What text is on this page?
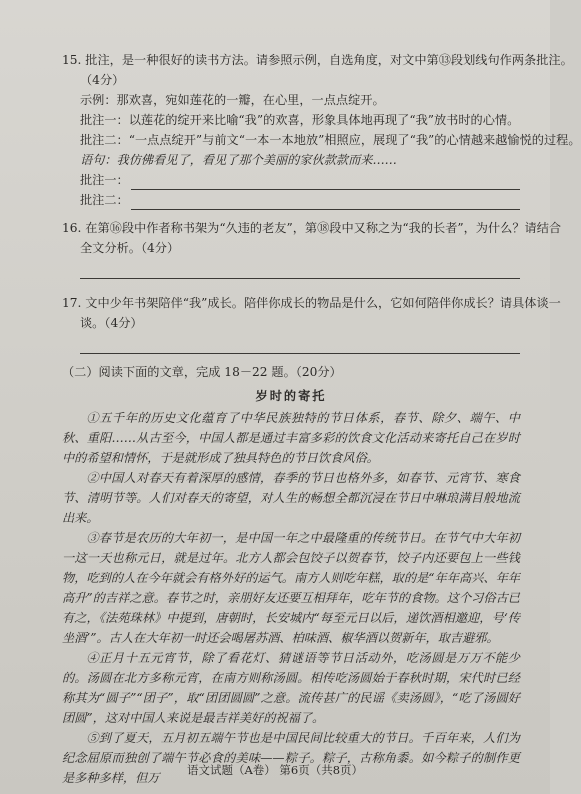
15. 批注，是一种很好的读书方法。请参照示例，自选角度，对文中第⑬段划线句作两条批注。
（4分）
示例：那欢喜，宛如莲花的一瓣，在心里，一点点绽开。
批注一：以莲花的绽开来比喻“我”的欢喜，形象具体地再现了“我”放书时的心情。
批注二：“一点点绽开”与前文“一本一本地放”相照应，展现了“我”的心情越来越愉悦的过程。
语句：我仿佛看见了，看见了那个美丽的家伙款款而来……
批注一：
批注二：
16. 在第⑯段中作者称书架为“久违的老友”，第⑱段中又称之为“我的长者”，为什么？请结合
全文分析。（4分）
17. 文中少年书架陪伴“我”成长。陪伴你成长的物品是什么，它如何陪伴你成长？请具体谈一
谈。（4分）
（二）阅读下面的文章，完成 18－22 题。（20分）
岁时的寄托

①五千年的历史文化蕴育了中华民族独特的节日体系，春节、除夕、端午、中秋、重阳……从古至今，中国人都是通过丰富多彩的饮食文化活动来寄托自己在岁时中的希望和情怀，于是就形成了独具特色的节日饮食风俗。

②中国人对春天有着深厚的感情，春季的节日也格外多，如春节、元宵节、寒食节、清明节等。人们对春天的寄望，对人生的畅想全都沉浸在节日中琳琅满目般地流出来。

③春节是农历的大年初一，是中国一年之中最隆重的传统节日。在节气中大年初一这一天也称元日，就是过年。北方人都会包饺子以贺春节，饺子内还要包上一些钱物，吃到的人在今年就会有格外好的运气。南方人则吃年糕，取的是“年年高兴、年年高升”的吉祥之意。春节之时，亲朋好友还要互相拜年，吃年节的食物。这个习俗古已有之，《法苑珠林》中提到，唐朝时，长安城内“每至元日以后，递饮酒相邀迎，号‘传坐酒’”。古人在大年初一时还会喝屠苏酒、柏味酒、椒华酒以贺新年，取吉避邪。

④正月十五元宵节，除了看花灯、猜谜语等节日活动外，吃汤圆是万万不能少的。汤圆在北方多称元宵，在南方则称汤圆。相传吃汤圆始于春秋时期，宋代时已经称其为“圆子”“团子”，取“团团圆圆”之意。流传甚广的民谣《卖汤圆》，“吃了汤圆好团圆”，这对中国人来说是最吉祥美好的祝福了。

⑤到了夏天，五月初五端午节也是中国民间比较重大的节日。千百年来，人们为纪念屈原而独创了端午节必食的美味——粽子。粽子，古称角黍。如今粽子的制作更是多种多样，但万

语文试题（A卷） 第6页（共8页）
